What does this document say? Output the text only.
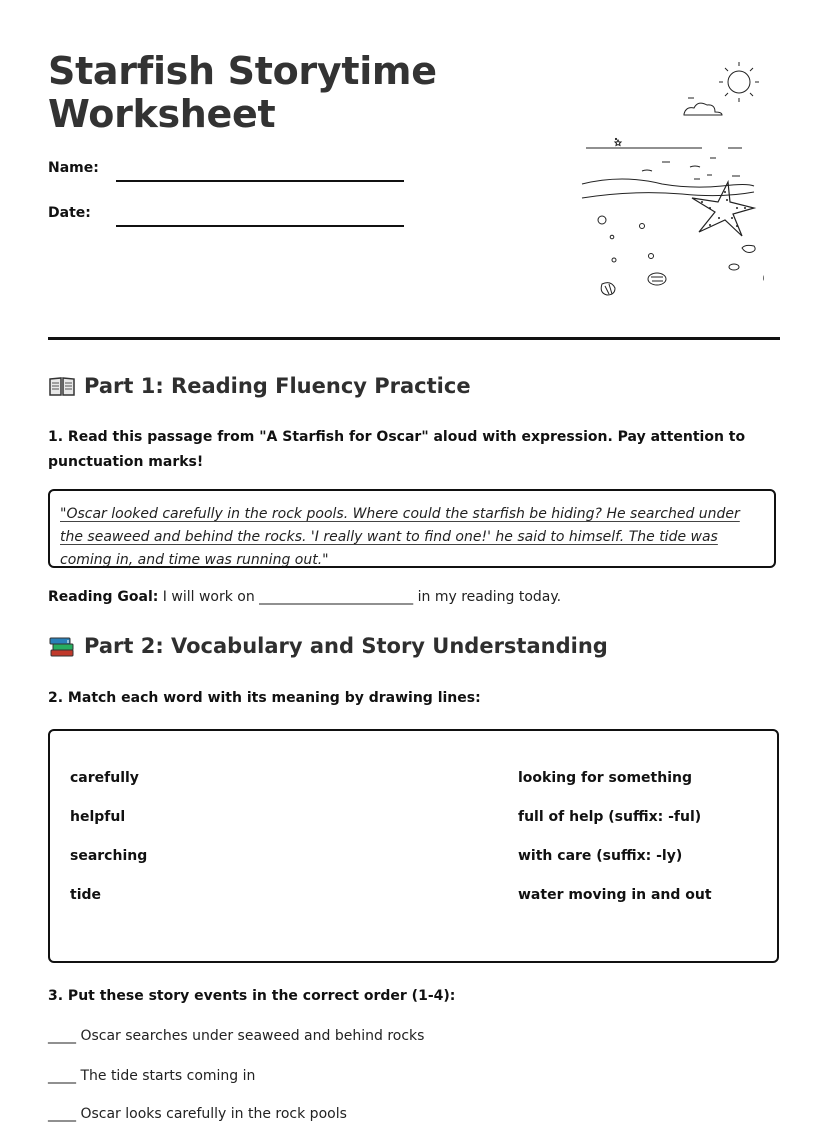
Starfish Storytime
Worksheet
Name:
Date:
Part 1: Reading Fluency Practice

1. Read this passage from "A Starfish for Oscar" aloud with expression. Pay attention to punctuation marks!

"Oscar looked carefully in the rock pools. Where could the starfish be hiding? He searched under the seaweed and behind the rocks. 'I really want to find one!' he said to himself. The tide was coming in, and time was running out."

Reading Goal: I will work on ______________________ in my reading today.
Part 2: Vocabulary and Story Understanding

2. Match each word with its meaning by drawing lines:

carefully
helpful
searching
tide
looking for something
full of help (suffix: -ful)
with care (suffix: -ly)
water moving in and out

3. Put these story events in the correct order (1-4):

____ Oscar searches under seaweed and behind rocks
____ The tide starts coming in
____ Oscar looks carefully in the rock pools
